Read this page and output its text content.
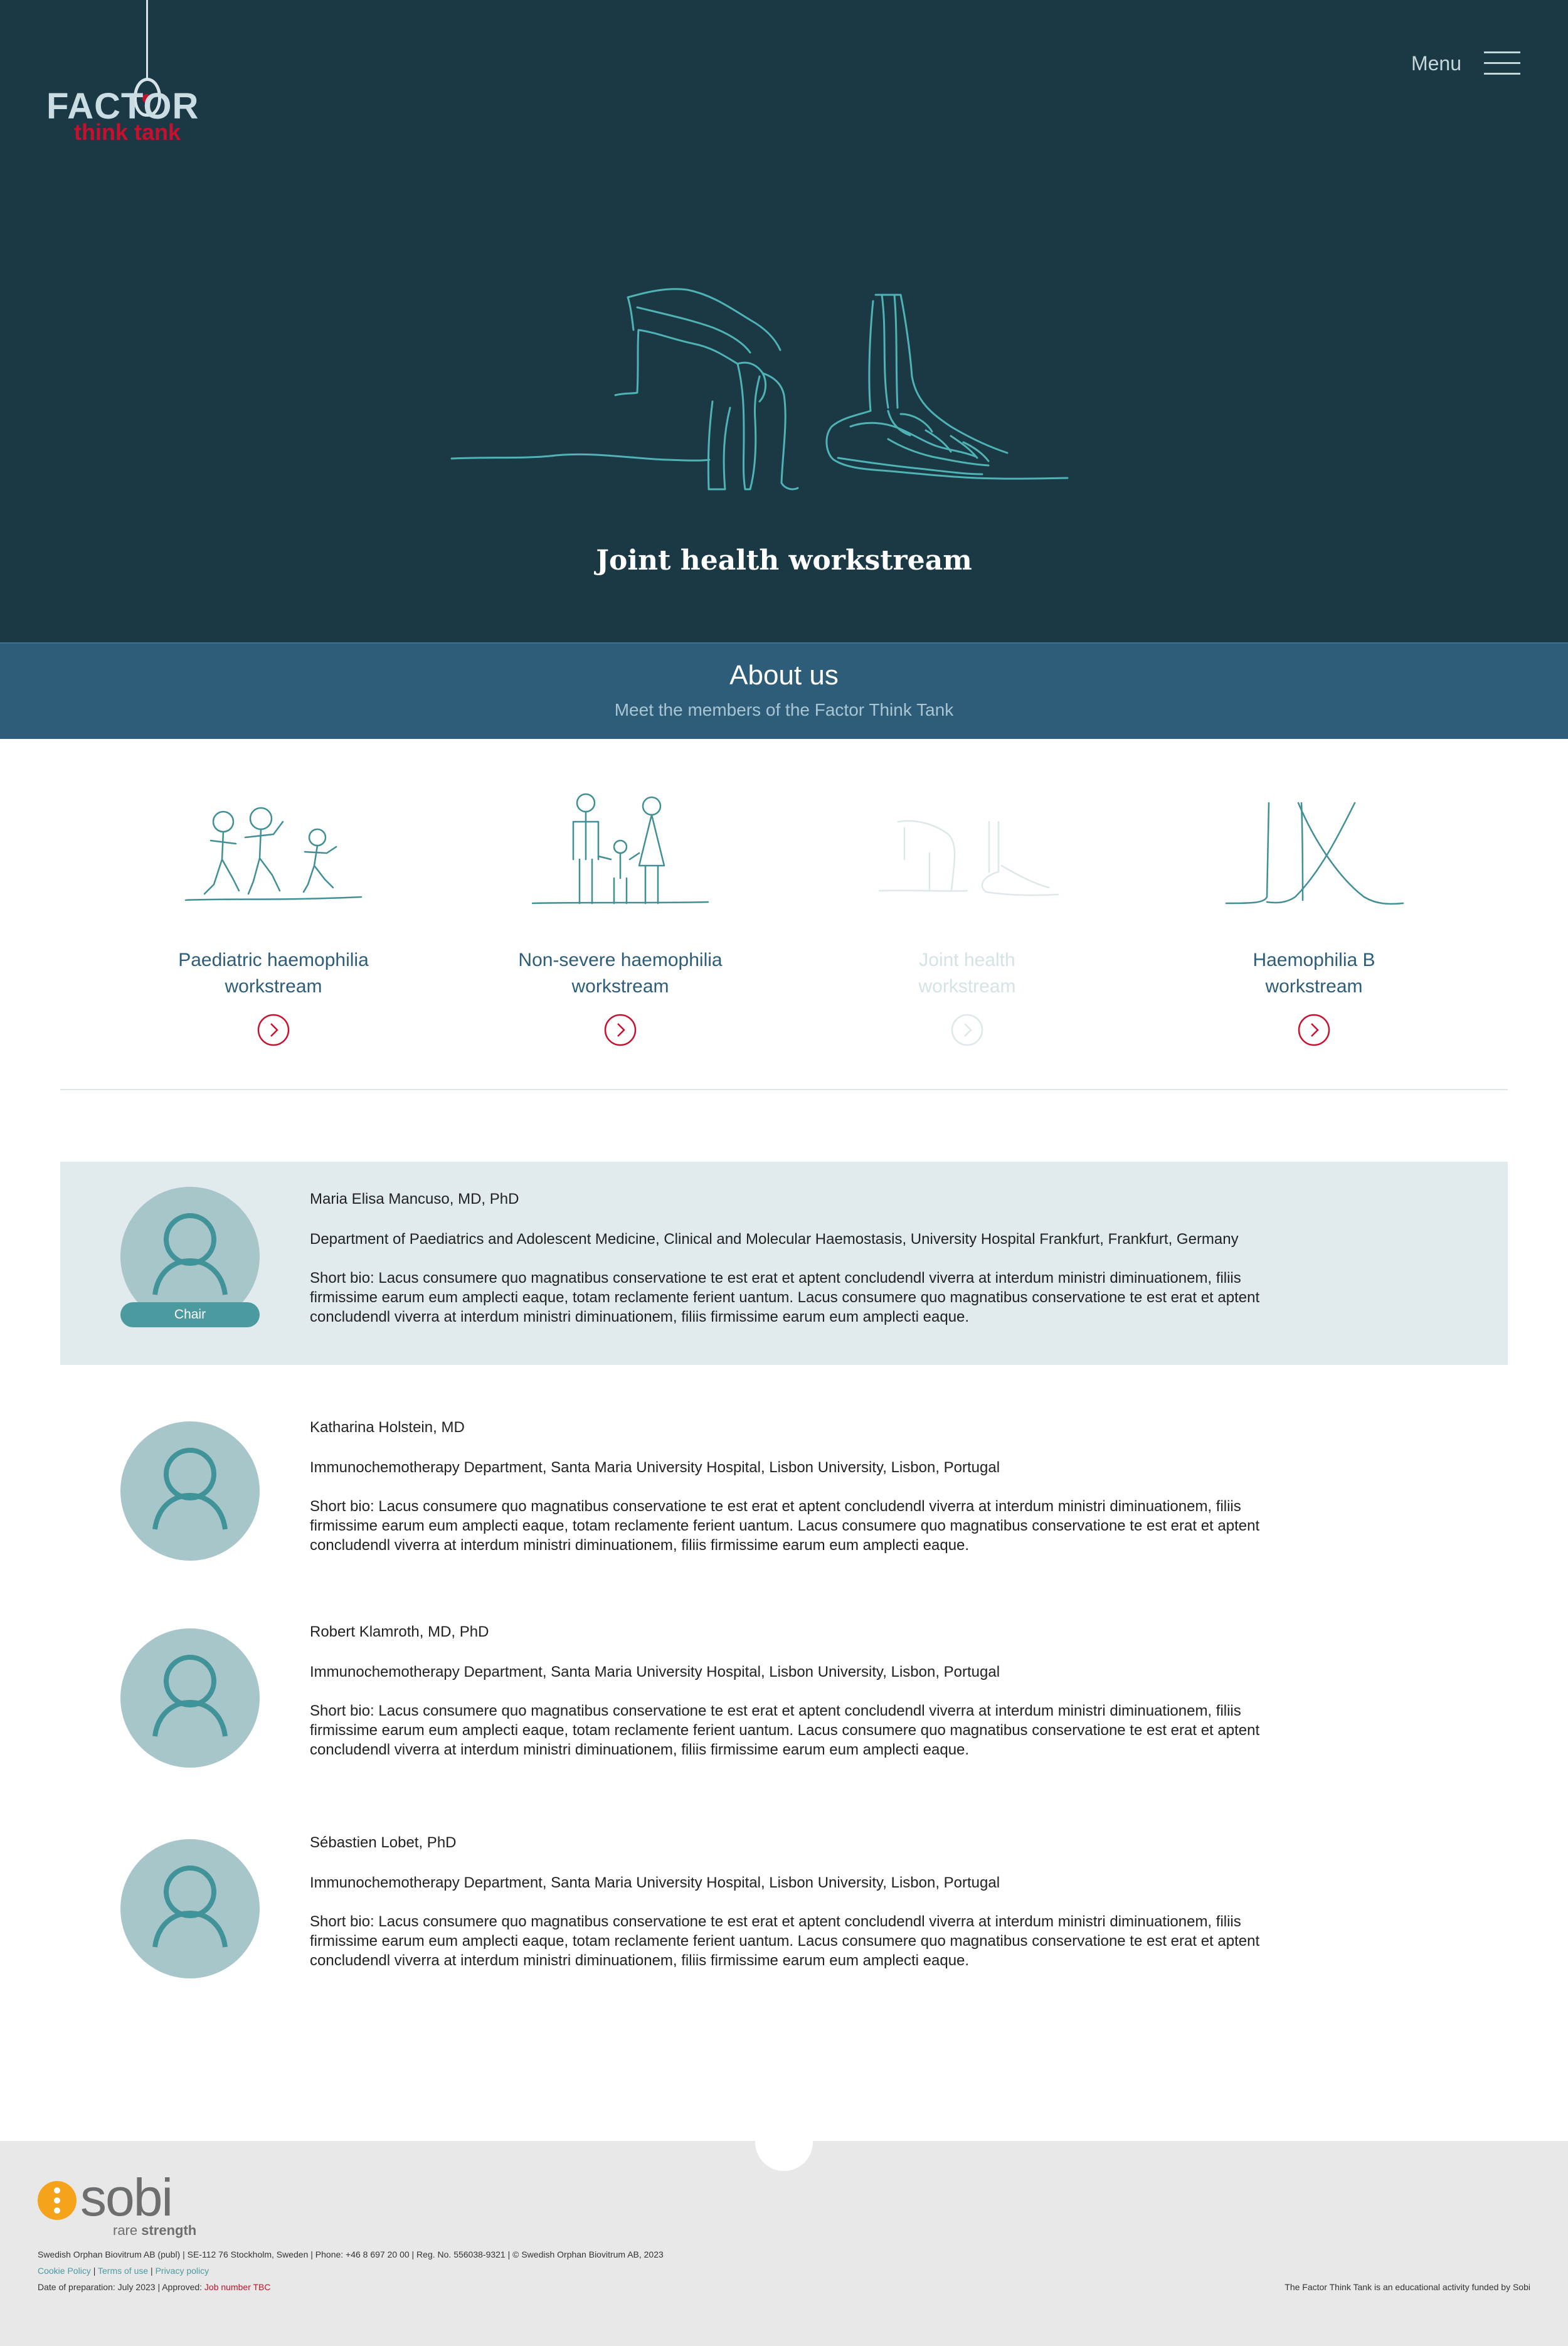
FACTOR
think tank
Menu
Joint health workstream
About us
Meet the members of the Factor Think Tank
Paediatric haemophilia
workstream
Non-severe haemophilia
workstream
Joint health
workstream
Haemophilia B
workstream
Chair
Maria Elisa Mancuso, MD, PhD
Department of Paediatrics and Adolescent Medicine, Clinical and Molecular Haemostasis, University Hospital Frankfurt, Frankfurt, Germany
Short bio: Lacus consumere quo magnatibus conservatione te est erat et aptent concludendl viverra at interdum ministri diminuationem, filiis firmissime earum eum amplecti eaque, totam reclamente ferient uantum. Lacus consumere quo magnatibus conservatione te est erat et aptent concludendl viverra at interdum ministri diminuationem, filiis firmissime earum eum amplecti eaque.
Katharina Holstein, MD
Immunochemotherapy Department, Santa Maria University Hospital, Lisbon University, Lisbon, Portugal
Short bio: Lacus consumere quo magnatibus conservatione te est erat et aptent concludendl viverra at interdum ministri diminuationem, filiis firmissime earum eum amplecti eaque, totam reclamente ferient uantum. Lacus consumere quo magnatibus conservatione te est erat et aptent concludendl viverra at interdum ministri diminuationem, filiis firmissime earum eum amplecti eaque.
Robert Klamroth, MD, PhD
Immunochemotherapy Department, Santa Maria University Hospital, Lisbon University, Lisbon, Portugal
Short bio: Lacus consumere quo magnatibus conservatione te est erat et aptent concludendl viverra at interdum ministri diminuationem, filiis firmissime earum eum amplecti eaque, totam reclamente ferient uantum. Lacus consumere quo magnatibus conservatione te est erat et aptent concludendl viverra at interdum ministri diminuationem, filiis firmissime earum eum amplecti eaque.
Sébastien Lobet, PhD
Immunochemotherapy Department, Santa Maria University Hospital, Lisbon University, Lisbon, Portugal
Short bio: Lacus consumere quo magnatibus conservatione te est erat et aptent concludendl viverra at interdum ministri diminuationem, filiis firmissime earum eum amplecti eaque, totam reclamente ferient uantum. Lacus consumere quo magnatibus conservatione te est erat et aptent concludendl viverra at interdum ministri diminuationem, filiis firmissime earum eum amplecti eaque.
sobi
rare strength
Swedish Orphan Biovitrum AB (publ) | SE-112 76 Stockholm, Sweden | Phone: +46 8 697 20 00 | Reg. No. 556038-9321 | © Swedish Orphan Biovitrum AB, 2023
Cookie Policy | Terms of use | Privacy policy
Date of preparation: July 2023 | Approved: Job number TBC	The Factor Think Tank is an educational activity funded by Sobi
